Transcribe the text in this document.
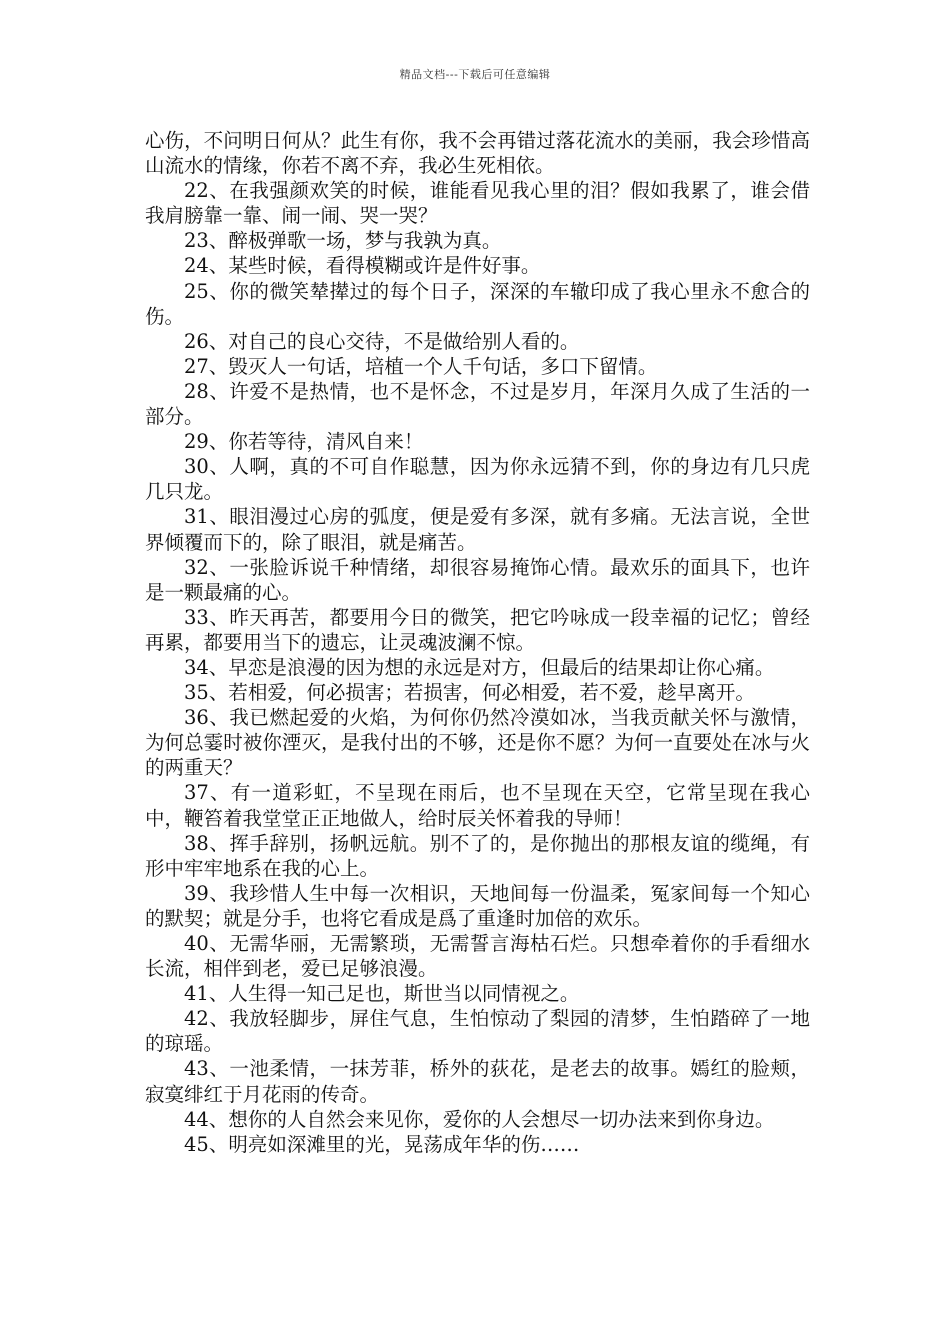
精品文档---下载后可任意编辑

心伤，不问明日何从？此生有你，我不会再错过落花流水的美丽，我会珍惜高山流水的情缘，你若不离不弃，我必生死相依。

22、在我强颜欢笑的时候，谁能看见我心里的泪？假如我累了，谁会借我肩膀靠一靠、闹一闹、哭一哭？

23、醉极弹歌一场，梦与我孰为真。

24、某些时候，看得模糊或许是件好事。

25、你的微笑辇撵过的每个日子，深深的车辙印成了我心里永不愈合的伤。

26、对自己的良心交待，不是做给别人看的。

27、毁灭人一句话，培植一个人千句话，多口下留情。

28、许爱不是热情，也不是怀念，不过是岁月，年深月久成了生活的一部分。

29、你若等待，清风自来！

30、人啊，真的不可自作聪慧，因为你永远猜不到，你的身边有几只虎几只龙。

31、眼泪漫过心房的弧度，便是爱有多深，就有多痛。无法言说，全世界倾覆而下的，除了眼泪，就是痛苦。

32、一张脸诉说千种情绪，却很容易掩饰心情。最欢乐的面具下，也许是一颗最痛的心。

33、昨天再苦，都要用今日的微笑，把它吟咏成一段幸福的记忆；曾经再累，都要用当下的遗忘，让灵魂波澜不惊。

34、早恋是浪漫的因为想的永远是对方，但最后的结果却让你心痛。

35、若相爱，何必损害；若损害，何必相爱，若不爱，趁早离开。

36、我已燃起爱的火焰，为何你仍然冷漠如冰，当我贡献关怀与激情，为何总霎时被你湮灭，是我付出的不够，还是你不愿？为何一直要处在冰与火的两重天？

37、有一道彩虹，不呈现在雨后，也不呈现在天空，它常呈现在我心中，鞭笞着我堂堂正正地做人，给时辰关怀着我的导师！

38、挥手辞别，扬帆远航。别不了的，是你抛出的那根友谊的缆绳，有形中牢牢地系在我的心上。

39、我珍惜人生中每一次相识，天地间每一份温柔，冤家间每一个知心的默契；就是分手，也将它看成是爲了重逢时加倍的欢乐。

40、无需华丽，无需繁琐，无需誓言海枯石烂。只想牵着你的手看细水长流，相伴到老，爱已足够浪漫。

41、人生得一知己足也，斯世当以同情视之。

42、我放轻脚步，屏住气息，生怕惊动了梨园的清梦，生怕踏碎了一地的琼瑶。

43、一池柔情，一抹芳菲，桥外的荻花，是老去的故事。嫣红的脸颊，寂寞绯红于月花雨的传奇。

44、想你的人自然会来见你，爱你的人会想尽一切办法来到你身边。

45、明亮如深滩里的光，晃荡成年华的伤……
